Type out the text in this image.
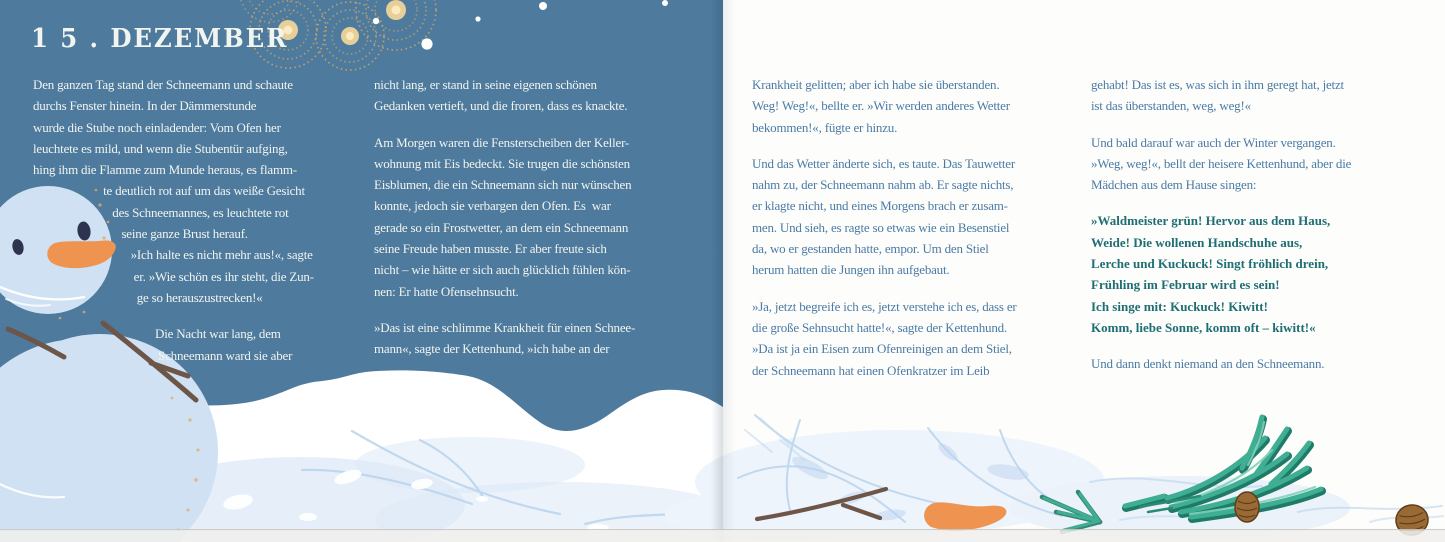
1 5 . DEZEMBER
Den ganzen Tag stand der Schneemann und schaute
durchs Fenster hinein. In der Dämmerstunde
wurde die Stube noch einladender: Vom Ofen her
leuchtete es mild, und wenn die Stubentür aufging,
hing ihm die Flamme zum Munde heraus, es flamm-
te deutlich rot auf um das weiße Gesicht
des Schneemannes, es leuchtete rot
seine ganze Brust herauf.
»Ich halte es nicht mehr aus!«, sagte
er. »Wie schön es ihr steht, die Zun-
ge so herauszustrecken!«
Die Nacht war lang, dem
Schneemann ward sie aber
nicht lang, er stand in seine eigenen schönen
Gedanken vertieft, und die froren, dass es knackte.
Am Morgen waren die Fensterscheiben der Keller-
wohnung mit Eis bedeckt. Sie trugen die schönsten
Eisblumen, die ein Schneemann sich nur wünschen
konnte, jedoch sie verbargen den Ofen. Es  war
gerade so ein Frostwetter, an dem ein Schneemann
seine Freude haben musste. Er aber freute sich
nicht – wie hätte er sich auch glücklich fühlen kön-
nen: Er hatte Ofensehnsucht.
»Das ist eine schlimme Krankheit für einen Schnee-
mann«, sagte der Kettenhund, »ich habe an der
Krankheit gelitten; aber ich habe sie überstanden.
Weg! Weg!«, bellte er. »Wir werden anderes Wetter
bekommen!«, fügte er hinzu.
Und das Wetter änderte sich, es taute. Das Tauwetter
nahm zu, der Schneemann nahm ab. Er sagte nichts,
er klagte nicht, und eines Morgens brach er zusam-
men. Und sieh, es ragte so etwas wie ein Besenstiel
da, wo er gestanden hatte, empor. Um den Stiel
herum hatten die Jungen ihn aufgebaut.
»Ja, jetzt begreife ich es, jetzt verstehe ich es, dass er
die große Sehnsucht hatte!«, sagte der Kettenhund.
»Da ist ja ein Eisen zum Ofenreinigen an dem Stiel,
der Schneemann hat einen Ofenkratzer im Leib
gehabt! Das ist es, was sich in ihm geregt hat, jetzt
ist das überstanden, weg, weg!«
Und bald darauf war auch der Winter vergangen.
»Weg, weg!«, bellt der heisere Kettenhund, aber die
Mädchen aus dem Hause singen:
»Waldmeister grün! Hervor aus dem Haus,
Weide! Die wollenen Handschuhe aus,
Lerche und Kuckuck! Singt fröhlich drein,
Frühling im Februar wird es sein!
Ich singe mit: Kuckuck! Kiwitt!
Komm, liebe Sonne, komm oft – kiwitt!«
Und dann denkt niemand an den Schneemann.
